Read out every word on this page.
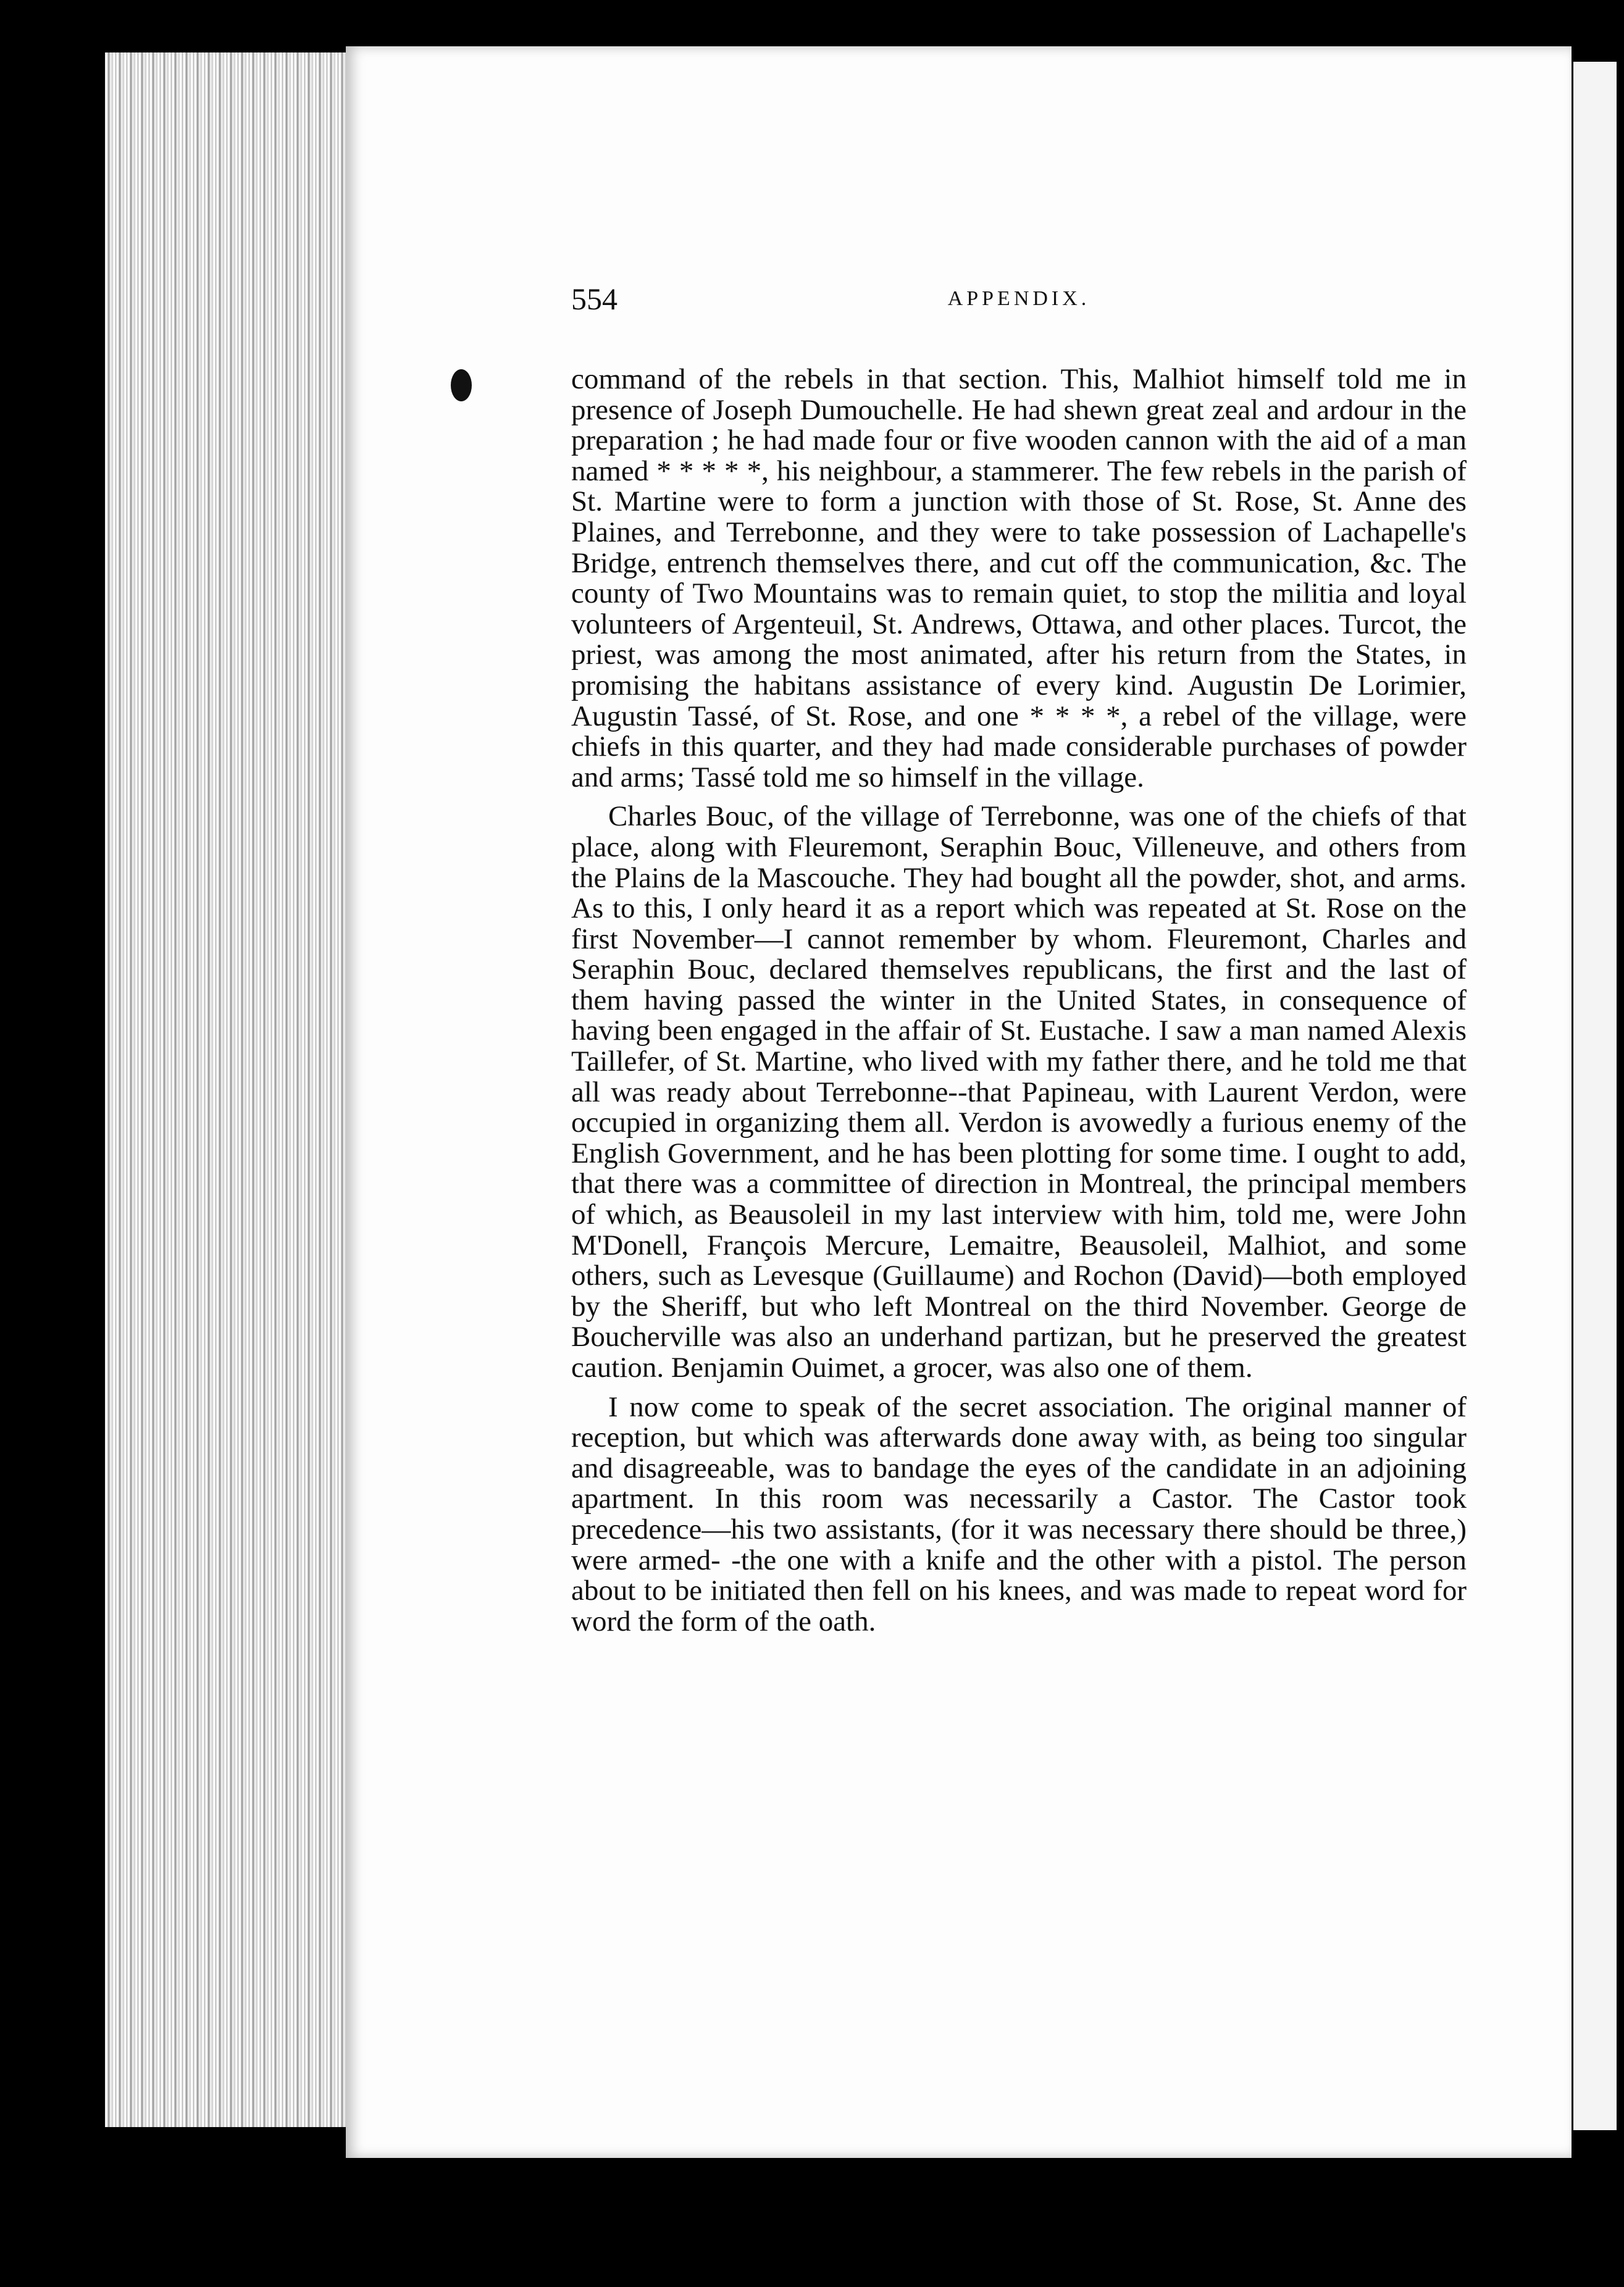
554	APPENDIX.

command of the rebels in that section. This, Malhiot himself told me in presence of Joseph Dumouchelle. He had shewn great zeal and ardour in the preparation ; he had made four or five wooden cannon with the aid of a man named * * * * *, his neighbour, a stammerer. The few rebels in the parish of St. Martine were to form a junction with those of St. Rose, St. Anne des Plaines, and Terrebonne, and they were to take possession of Lachapelle's Bridge, entrench themselves there, and cut off the communication, &c. The county of Two Mountains was to remain quiet, to stop the militia and loyal volunteers of Argenteuil, St. Andrews, Ottawa, and other places. Turcot, the priest, was among the most animated, after his return from the States, in promising the habitans assistance of every kind. Augustin De Lorimier, Augustin Tassé, of St. Rose, and one * * * *, a rebel of the village, were chiefs in this quarter, and they had made considerable purchases of powder and arms; Tassé told me so himself in the village.

Charles Bouc, of the village of Terrebonne, was one of the chiefs of that place, along with Fleuremont, Seraphin Bouc, Villeneuve, and others from the Plains de la Mascouche. They had bought all the powder, shot, and arms. As to this, I only heard it as a report which was repeated at St. Rose on the first November—I cannot remember by whom. Fleuremont, Charles and Seraphin Bouc, declared themselves republicans, the first and the last of them having passed the winter in the United States, in consequence of having been engaged in the affair of St. Eustache. I saw a man named Alexis Taillefer, of St. Martine, who lived with my father there, and he told me that all was ready about Terrebonne--that Papineau, with Laurent Verdon, were occupied in organizing them all. Verdon is avowedly a furious enemy of the English Government, and he has been plotting for some time. I ought to add, that there was a committee of direction in Montreal, the principal members of which, as Beausoleil in my last interview with him, told me, were John M'Donell, François Mercure, Lemaitre, Beausoleil, Malhiot, and some others, such as Levesque (Guillaume) and Rochon (David)—both employed by the Sheriff, but who left Montreal on the third November. George de Boucherville was also an underhand partizan, but he preserved the greatest caution. Benjamin Ouimet, a grocer, was also one of them.

I now come to speak of the secret association. The original manner of reception, but which was afterwards done away with, as being too singular and disagreeable, was to bandage the eyes of the candidate in an adjoining apartment. In this room was necessarily a Castor. The Castor took precedence—his two assistants, (for it was necessary there should be three,) were armed- -the one with a knife and the other with a pistol. The person about to be initiated then fell on his knees, and was made to repeat word for word the form of the oath.
